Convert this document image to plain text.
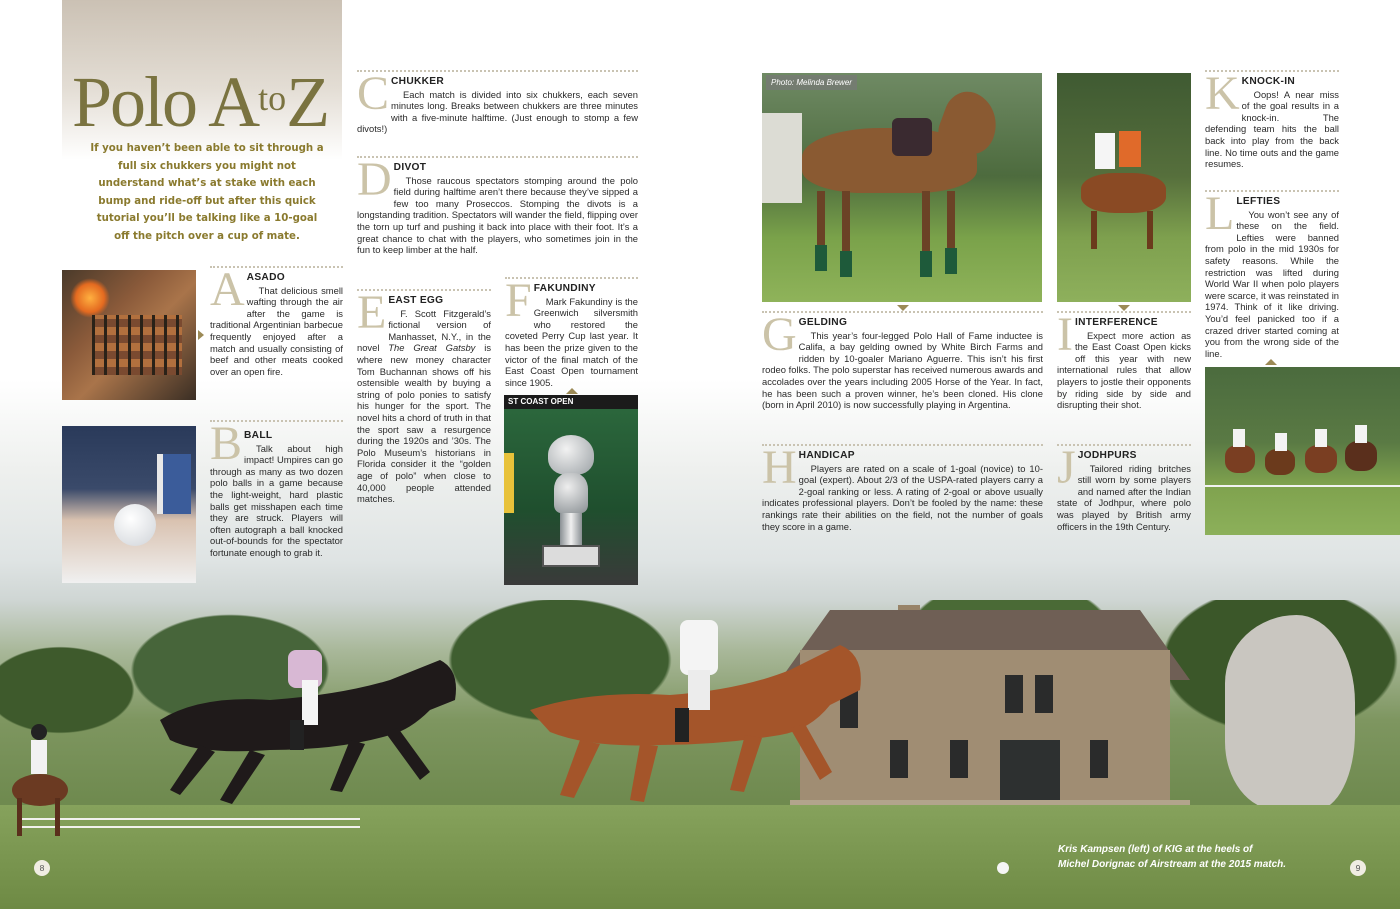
Polo $A^{to}Z$
If you haven’t been able to sit through a full six chukkers you might not understand what’s at stake with each bump and ride-off but after this quick tutorial you’ll be talking like a 10-goal off the pitch over a cup of mate.
A ASADO

That delicious smell wafting through the air after the game is traditional Argentinian barbecue frequently enjoyed after a match and usually consisting of beef and other meats cooked over an open fire.

B BALL

Talk about high impact! Umpires can go through as many as two dozen polo balls in a game because the light-weight, hard plastic balls get misshapen each time they are struck. Players will often autograph a ball knocked out-of-bounds for the spectator fortunate enough to grab it.

C CHUKKER

Each match is divided into six chukkers, each seven minutes long. Breaks between chukkers are three minutes with a five-minute halftime. (Just enough to stomp a few divots!)

D DIVOT

Those raucous spectators stomping around the polo field during halftime aren’t there because they’ve sipped a few too many Proseccos. Stomping the divots is a longstanding tradition. Spectators will wander the field, flipping over the torn up turf and pushing it back into place with their foot. It’s a great chance to chat with the players, who sometimes join in the fun to keep limber at the half.

E EAST EGG

F. Scott Fitzgerald’s fictional version of Manhasset, N.Y., in the novel The Great Gatsby is where new money character Tom Buchannan shows off his ostensible wealth by buying a string of polo ponies to satisfy his hunger for the sport. The novel hits a chord of truth in that the sport saw a resurgence during the 1920s and ’30s. The Polo Museum’s historians in Florida consider it the “golden age of polo” when close to 40,000 people attended matches.

F FAKUNDINY

Mark Fakundiny is the Greenwich silversmith who restored the coveted Perry Cup last year. It has been the prize given to the victor of the final match of the East Coast Open tournament since 1905.

ST COAST OPEN
8
Photo: Melinda Brewer
G GELDING

This year’s four-legged Polo Hall of Fame inductee is Califa, a bay gelding owned by White Birch Farms and ridden by 10-goaler Mariano Aguerre. This isn’t his first rodeo folks. The polo superstar has received numerous awards and accolades over the years including 2005 Horse of the Year. In fact, he has been such a proven winner, he’s been cloned. His clone (born in April 2010) is now successfully playing in Argentina.

H HANDICAP

Players are rated on a scale of 1-goal (novice) to 10-goal (expert). About 2/3 of the USPA-rated players carry a 2-goal ranking or less. A rating of 2-goal or above usually indicates professional players. Don’t be fooled by the name: these rankings rate their abilities on the field, not the number of goals they score in a game.

I INTERFERENCE

Expect more action as the East Coast Open kicks off this year with new international rules that allow players to jostle their opponents by riding side by side and disrupting their shot.

J JODHPURS

Tailored riding britches still worn by some players and named after the Indian state of Jodhpur, where polo was played by British army officers in the 19th Century.

K KNOCK-IN

Oops! A near miss of the goal results in a knock-in. The defending team hits the ball back into play from the back line. No time outs and the game resumes.

L LEFTIES

You won’t see any of these on the field. Lefties were banned from polo in the mid 1930s for safety reasons. While the restriction was lifted during World War II when polo players were scarce, it was reinstated in 1974. Think of it like driving. You’d feel panicked too if a crazed driver started coming at you from the wrong side of the line.

Kris Kampsen (left) of KIG at the heels of
Michel Dorignac of Airstream at the 2015 match.	9
